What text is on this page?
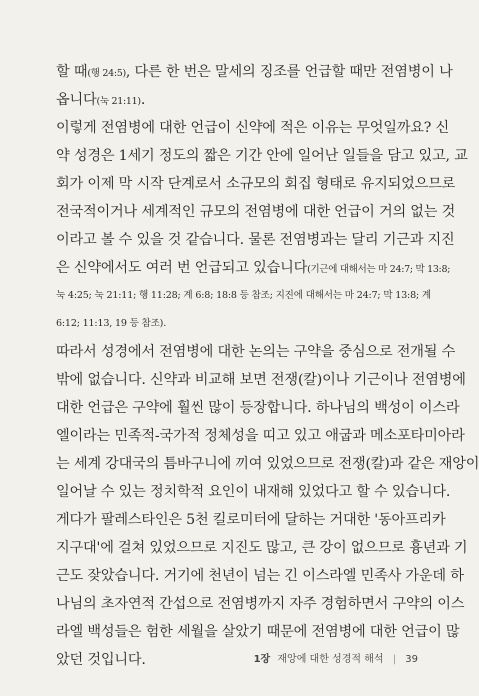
할 때(행 24:5), 다른 한 번은 말세의 징조를 언급할 때만 전염병이 나
옵니다(눅 21:11).
이렇게 전염병에 대한 언급이 신약에 적은 이유는 무엇일까요? 신
약 성경은 1세기 정도의 짧은 기간 안에 일어난 일들을 담고 있고, 교
회가 이제 막 시작 단계로서 소규모의 회집 형태로 유지되었으므로
전국적이거나 세계적인 규모의 전염병에 대한 언급이 거의 없는 것
이라고 볼 수 있을 것 같습니다. 물론 전염병과는 달리 기근과 지진
은 신약에서도 여러 번 언급되고 있습니다(기근에 대해서는 마 24:7; 막 13:8;
눅 4:25; 눅 21:11; 행 11:28; 계 6:8; 18:8 등 참조; 지진에 대해서는 마 24:7; 막 13:8; 계
6:12; 11:13, 19 등 참조).
따라서 성경에서 전염병에 대한 논의는 구약을 중심으로 전개될 수
밖에 없습니다. 신약과 비교해 보면 전쟁(칼)이나 기근이나 전염병에
대한 언급은 구약에 훨씬 많이 등장합니다. 하나님의 백성이 이스라
엘이라는 민족적-국가적 정체성을 띠고 있고 애굽과 메소포타미아라
는 세계 강대국의 틈바구니에 끼여 있었으므로 전쟁(칼)과 같은 재앙이
일어날 수 있는 정치학적 요인이 내재해 있었다고 할 수 있습니다.
게다가 팔레스타인은 5천 킬로미터에 달하는 거대한 '동아프리카
지구대'에 걸쳐 있었으므로 지진도 많고, 큰 강이 없으므로 흉년과 기
근도 잦았습니다. 거기에 천년이 넘는 긴 이스라엘 민족사 가운데 하
나님의 초자연적 간섭으로 전염병까지 자주 경험하면서 구약의 이스
라엘 백성들은 험한 세월을 살았기 때문에 전염병에 대한 언급이 많
았던 것입니다.	1장 재앙에 대한 성경적 해석 | 39
